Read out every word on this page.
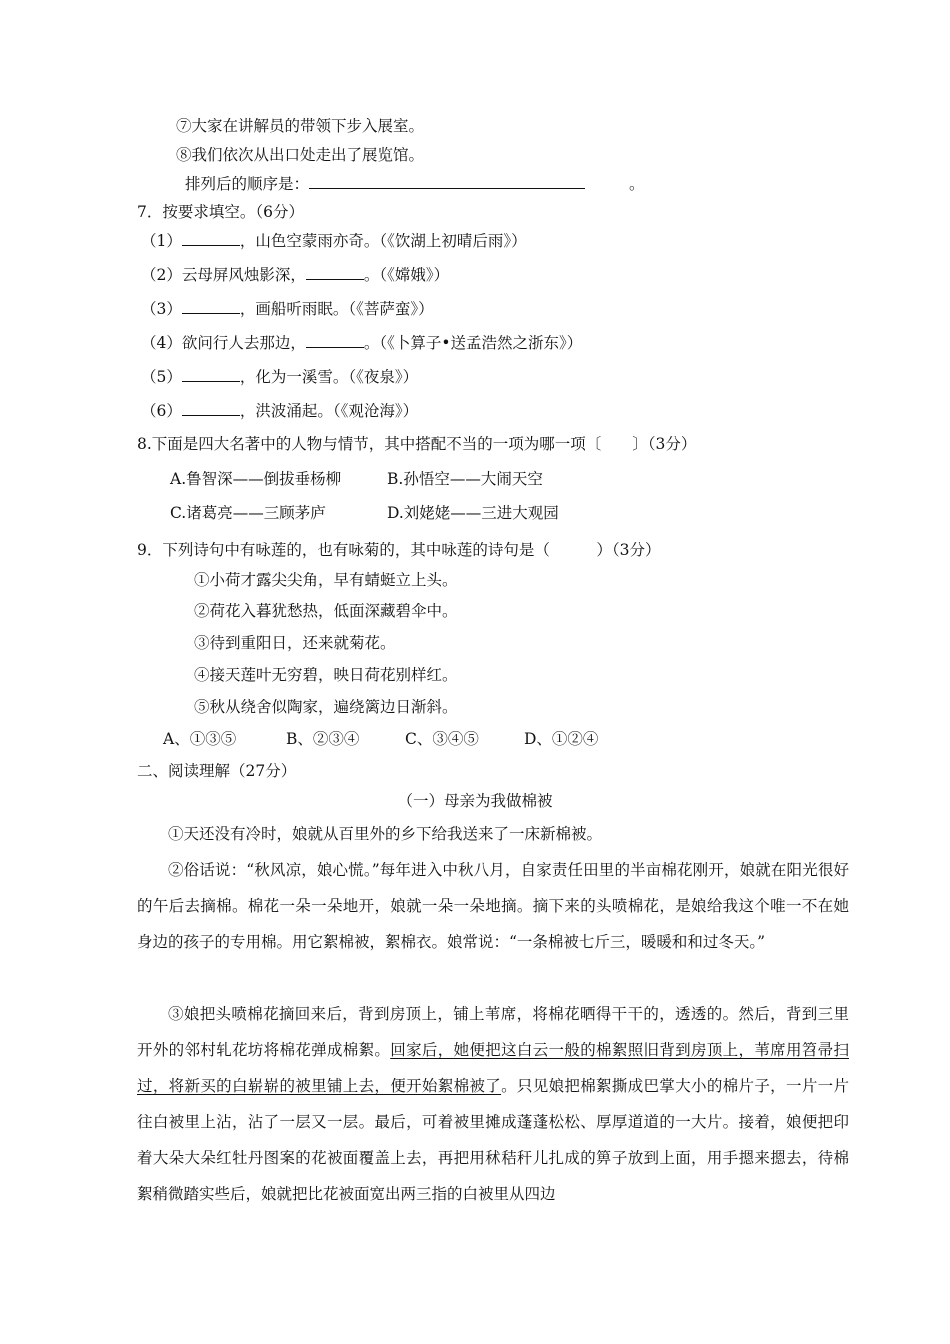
⑦大家在讲解员的带领下步入展室。
⑧我们依次从出口处走出了展览馆。
排列后的顺序是：	。
7．按要求填空。（6分）
（1）	，山色空蒙雨亦奇。（《饮湖上初晴后雨》）
（2）云母屏风烛影深，	。（《嫦娥》）
（3）	，画船听雨眠。（《菩萨蛮》）
（4）欲问行人去那边，	。（《卜算子•送孟浩然之浙东》）
（5）	，化为一溪雪。（《夜泉》）
（6）	，洪波涌起。（《观沧海》）
8.下面是四大名著中的人物与情节，其中搭配不当的一项为哪一项〔　　〕（3分）
A.鲁智深——倒拔垂杨柳	B.孙悟空——大闹天空
C.诸葛亮——三顾茅庐	D.刘姥姥——三进大观园
9．下列诗句中有咏莲的，也有咏菊的，其中咏莲的诗句是（　　　）（3分）
①小荷才露尖尖角，早有蜻蜓立上头。
②荷花入暮犹愁热，低面深藏碧伞中。
③待到重阳日，还来就菊花。
④接天莲叶无穷碧，映日荷花别样红。
⑤秋从绕舍似陶家，遍绕篱边日渐斜。
A、①③⑤	B、②③④	C、③④⑤	D、①②④
二、阅读理解（27分）
（一）母亲为我做棉被
①天还没有冷时，娘就从百里外的乡下给我送来了一床新棉被。
②俗话说：“秋风凉，娘心慌。”每年进入中秋八月，自家责任田里的半亩棉花刚开，娘就在阳光很好的午后去摘棉。棉花一朵一朵地开，娘就一朵一朵地摘。摘下来的头喷棉花，是娘给我这个唯一不在她身边的孩子的专用棉。用它絮棉被，絮棉衣。娘常说：“一条棉被七斤三，暖暖和和过冬天。”
③娘把头喷棉花摘回来后，背到房顶上，铺上苇席，将棉花晒得干干的，透透的。然后，背到三里开外的邻村轧花坊将棉花弹成棉絮。回家后，她便把这白云一般的棉絮照旧背到房顶上，苇席用笤帚扫过，将新买的白崭崭的被里铺上去，便开始絮棉被了。只见娘把棉絮撕成巴掌大小的棉片子，一片一片往白被里上沾，沾了一层又一层。最后，可着被里摊成蓬蓬松松、厚厚道道的一大片。接着，娘便把印着大朵大朵红牡丹图案的花被面覆盖上去，再把用秫秸秆儿扎成的箅子放到上面，用手摁来摁去，待棉絮稍微踏实些后，娘就把比花被面宽出两三指的白被里从四边
